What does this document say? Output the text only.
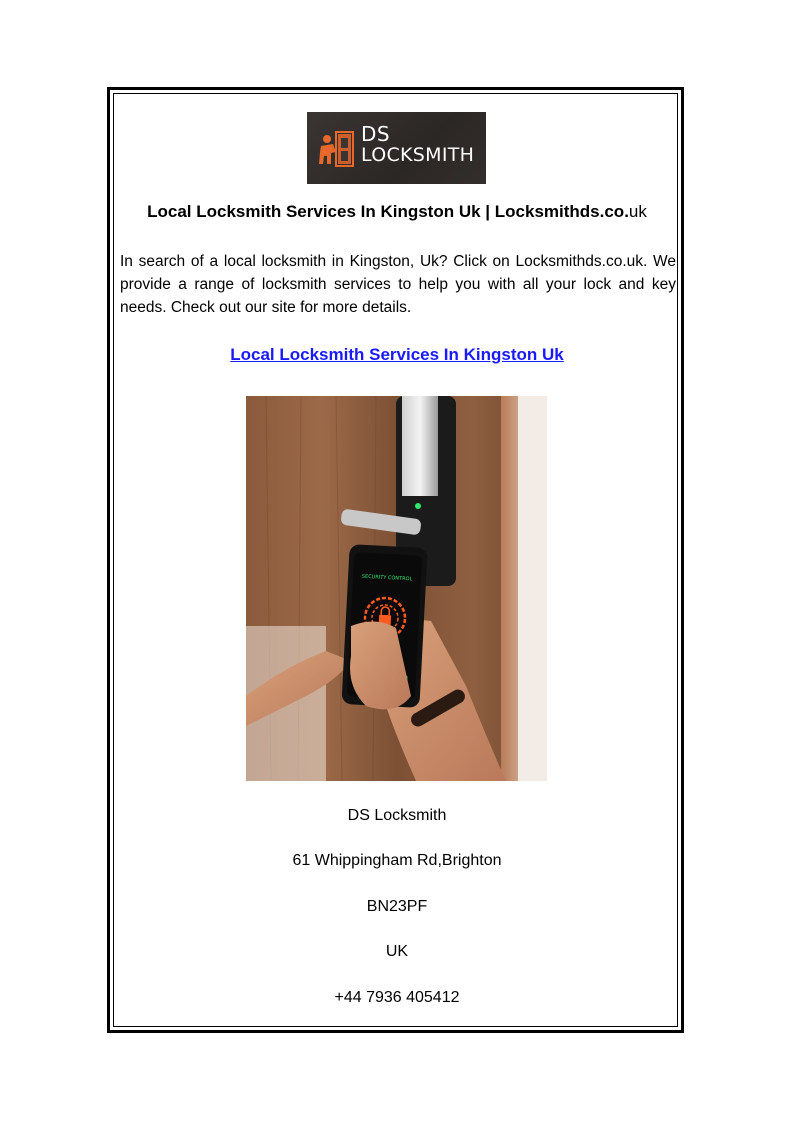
DS
LOCKSMITH
Local Locksmith Services In Kingston Uk | Locksmithds.co.uk
In search of a local locksmith in Kingston, Uk? Click on Locksmithds.co.uk. We provide a range of locksmith services to help you with all your lock and key needs. Check out our site for more details.
Local Locksmith Services In Kingston Uk
SECURITY CONTROL
DS Locksmith
61 Whippingham Rd,Brighton
BN23PF
UK
+44 7936 405412
